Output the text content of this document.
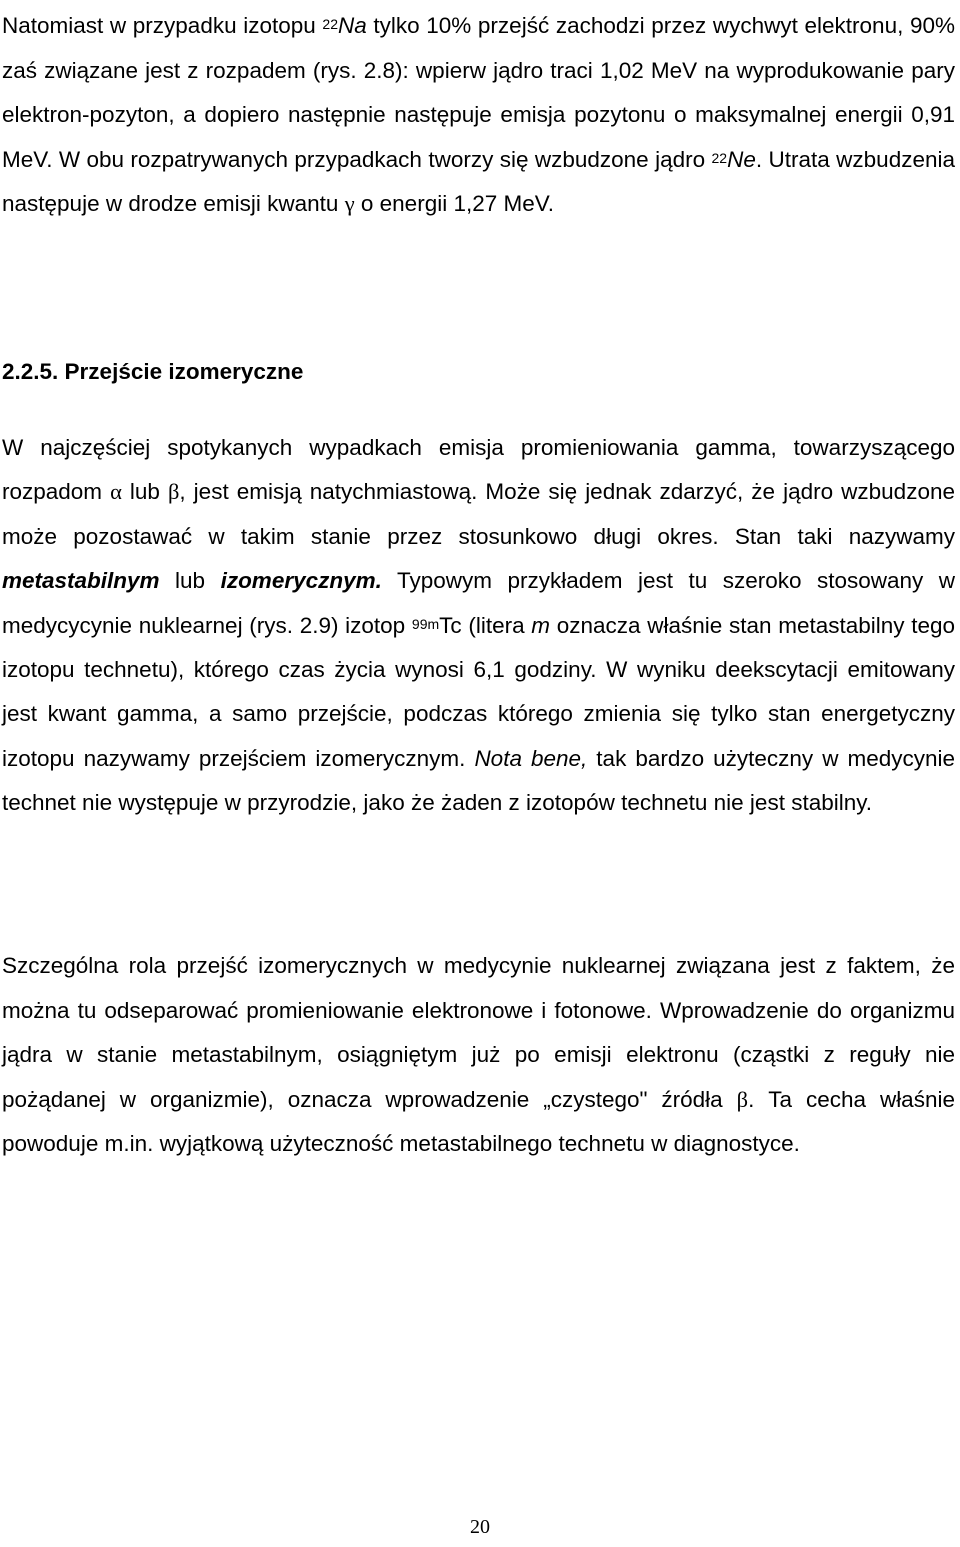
Natomiast w przypadku izotopu $^{22}$Na tylko 10% przejść zachodzi przez wychwyt elektronu, 90% zaś związane jest z rozpadem (rys. 2.8): wpierw jądro traci 1,02 MeV na wyprodukowanie pary elektron-pozyton, a dopiero następnie następuje emisja pozytonu o maksymalnej energii 0,91 MeV. W obu rozpatrywanych przypadkach tworzy się wzbudzone jądro $^{22}$Ne. Utrata wzbudzenia następuje w drodze emisji kwantu γ o energii 1,27 MeV.

2.2.5. Przejście izomeryczne

W najczęściej spotykanych wypadkach emisja promieniowania gamma, towarzyszącego rozpadom α lub β, jest emisją natychmiastową. Może się jednak zdarzyć, że jądro wzbudzone może pozostawać w takim stanie przez stosunkowo długi okres. Stan taki nazywamy metastabilnym lub izomerycznym. Typowym przykładem jest tu szeroko stosowany w medycycynie nuklearnej (rys. 2.9) izotop $^{99m}$Tc (litera m oznacza właśnie stan metastabilny tego izotopu technetu), którego czas życia wynosi 6,1 godziny. W wyniku deekscytacji emitowany jest kwant gamma, a samo przejście, podczas którego zmienia się tylko stan energetyczny izotopu nazywamy przejściem izomerycznym. Nota bene, tak bardzo użyteczny w medycynie technet nie występuje w przyrodzie, jako że żaden z izotopów technetu nie jest stabilny.

Szczególna rola przejść izomerycznych w medycynie nuklearnej związana jest z faktem, że można tu odseparować promieniowanie elektronowe i fotonowe. Wprowadzenie do organizmu jądra w stanie metastabilnym, osiągniętym już po emisji elektronu (cząstki z reguły nie pożądanej w organizmie), oznacza wprowadzenie „czystego" źródła β. Ta cecha właśnie powoduje m.in. wyjątkową użyteczność metastabilnego technetu w diagnostyce.

20
